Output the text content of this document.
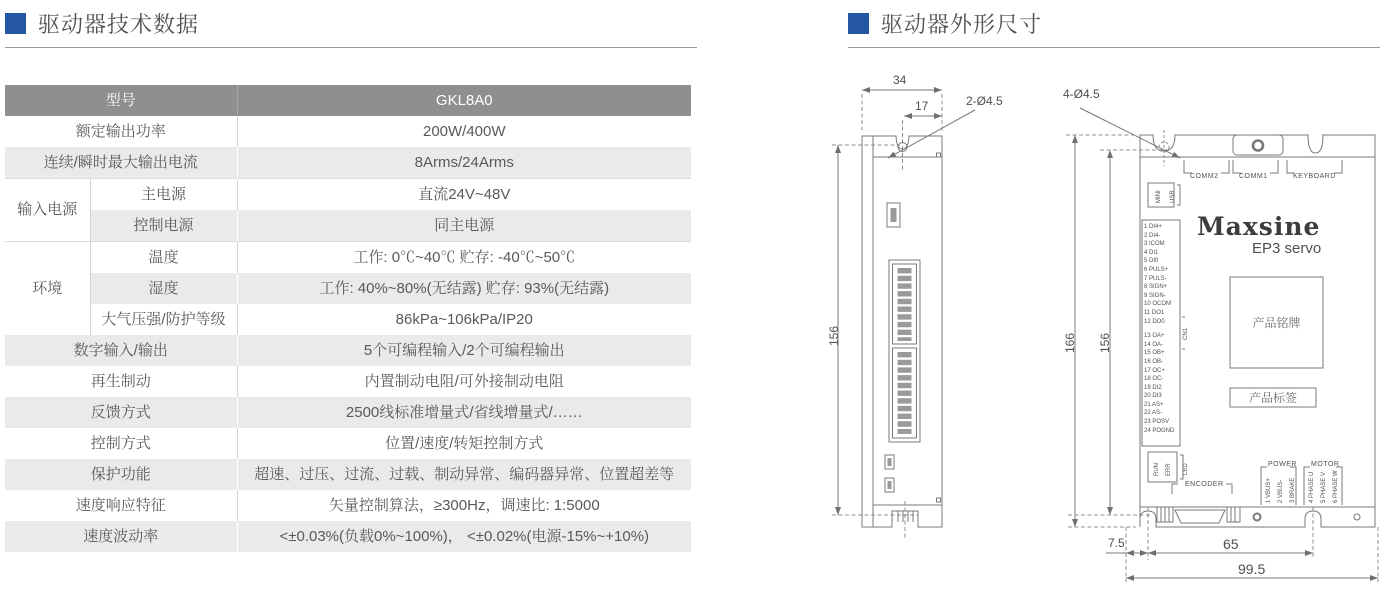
驱动器技术数据
型号		GKL8A0
额定输出功率		200W/400W
连续/瞬时最大输出电流		8Arms/24Arms
输入电源	主电源	直流24V~48V
	控制电源	同主电源
环境	温度	工作: 0℃~40℃ 贮存: -40℃~50℃
	湿度	工作: 40%~80%(无结露) 贮存: 93%(无结露)
	大气压强/防护等级	86kPa~106kPa/IP20
数字输入/输出		5个可编程输入/2个可编程输出
再生制动		内置制动电阻/可外接制动电阻
反馈方式		2500线标准增量式/省线增量式/……
控制方式		位置/速度/转矩控制方式
保护功能		超速、过压、过流、过载、制动异常、编码器异常、位置超差等
速度响应特征		矢量控制算法，≥300Hz，调速比: 1:5000
速度波动率		<±0.03%(负载0%~100%)， <±0.02%(电源-15%~+10%)
驱动器外形尺寸
34
17	2-Ø4.5
156
4-Ø4.5
166 156
7.5	65
99.5
COMM2	COMM1	KEYBOARD
MINI USB
CN1
RUN ERR LED
ENCODER
POWER MOTOR
Maxsine
EP3 servo
产品铭牌
产品标签
1 VBUS+ 2 VBUS- 3 BRAKE 4 PHASE U 5 PHASE V 6 PHASE W
1 DI4+
2 DI4-
3 ICOM
4 DI1
5 DI0
6 PULS+
7 PULS-
8 SIGN+
9 SIGN-
10 OCOM
11 DO1
12 DO0
13 OA+
14 OA-
15 OB+
16 OB-
17 OC+
18 OC-
19 DI2
20 DI3
21 AS+
22 AS-
23 POSV
24 POGND
